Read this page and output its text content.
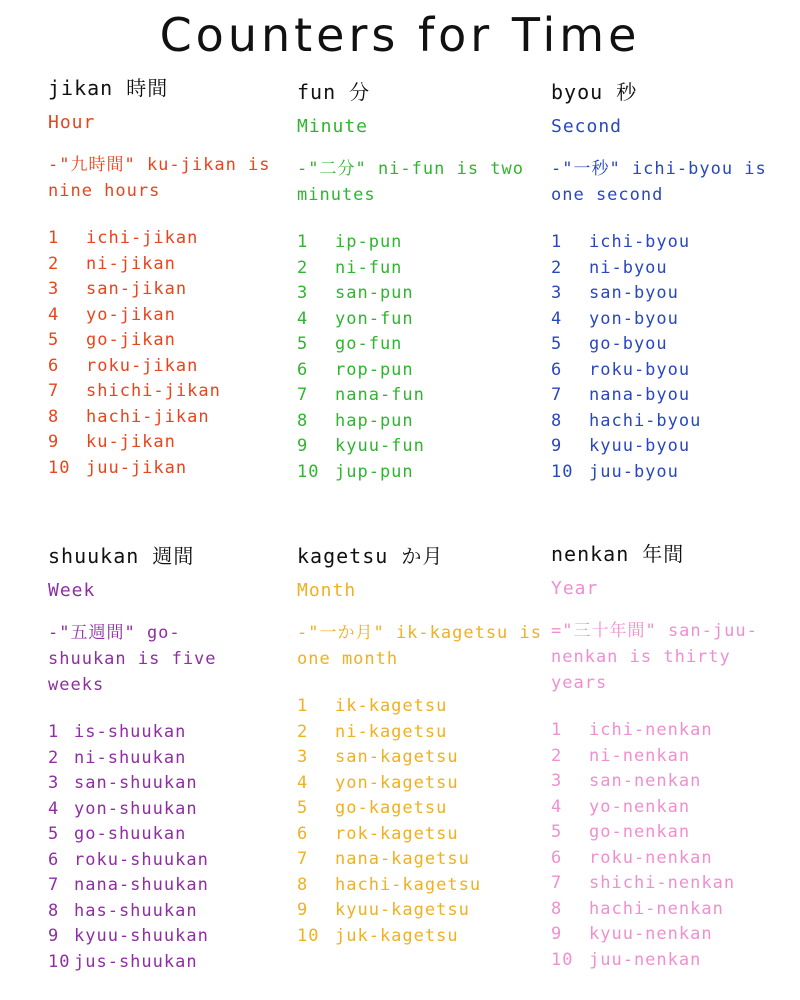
Counters for Time
jikan 時間
Hour
-"九時間" ku-jikan is nine hours
1 ichi-jikan
2 ni-jikan
3 san-jikan
4 yo-jikan
5 go-jikan
6 roku-jikan
7 shichi-jikan
8 hachi-jikan
9 ku-jikan
10 juu-jikan
fun 分
Minute
-"二分" ni-fun is two minutes
1 ip-pun
2 ni-fun
3 san-pun
4 yon-fun
5 go-fun
6 rop-pun
7 nana-fun
8 hap-pun
9 kyuu-fun
10 jup-pun
byou 秒
Second
-"一秒" ichi-byou is one second
1 ichi-byou
2 ni-byou
3 san-byou
4 yon-byou
5 go-byou
6 roku-byou
7 nana-byou
8 hachi-byou
9 kyuu-byou
10 juu-byou
shuukan 週間
Week
-"五週間" go-shuukan is five weeks
1 is-shuukan
2 ni-shuukan
3 san-shuukan
4 yon-shuukan
5 go-shuukan
6 roku-shuukan
7 nana-shuukan
8 has-shuukan
9 kyuu-shuukan
10 jus-shuukan
kagetsu か月
Month
-"一か月" ik-kagetsu is one month
1 ik-kagetsu
2 ni-kagetsu
3 san-kagetsu
4 yon-kagetsu
5 go-kagetsu
6 rok-kagetsu
7 nana-kagetsu
8 hachi-kagetsu
9 kyuu-kagetsu
10 juk-kagetsu
nenkan 年間
Year
="三十年間" san-juu-nenkan is thirty years
1 ichi-nenkan
2 ni-nenkan
3 san-nenkan
4 yo-nenkan
5 go-nenkan
6 roku-nenkan
7 shichi-nenkan
8 hachi-nenkan
9 kyuu-nenkan
10 juu-nenkan
